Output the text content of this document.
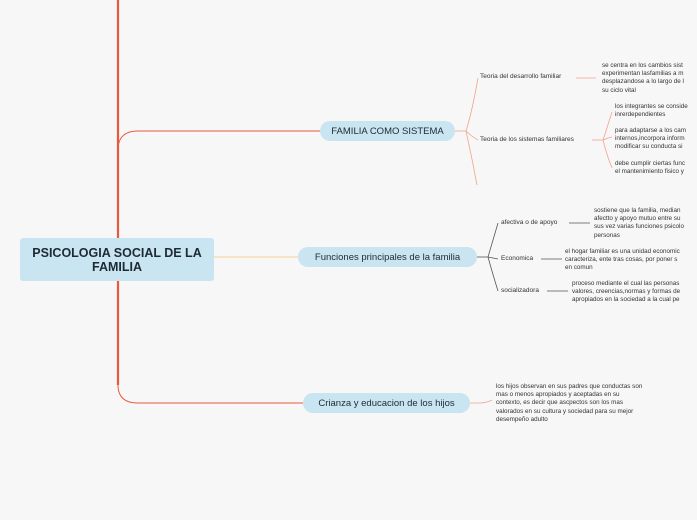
PSICOLOGIA SOCIAL DE LA FAMILIA
FAMILIA COMO SISTEMA
Teoria del desarrollo familiar
se centra en los cambios sist
experimentan lasfamilias a m
desplazandose a lo largo de l
su ciclo vital
Teoria de los sistemas familiares
los integrantes se conside
inrerdependientes
para adaptarse a los cam
internos,incorpora inform
modificar su conducta si
debe cumplir ciertas func
el mantenimiento fisico y
Funciones principales de la familia
afectiva o de apoyo
sostiene que la familia, median
afectto y apoyo mutuo entre su
sus vez varias funciones psicolo
personas
Economica
el hogar familiar es una unidad economic
caracteriza, ente tras cosas, por poner s
en comun
socializadora
proceso mediante el cual las personas
valores, creencias,normas y formas de
apropiados en la sociedad a la cual pe
Crianza y educacion de los hijos
los hijos observan en sus padres que conductas son
mas o menos apropiados y aceptadas en su
contexto, es decir que ascpectos son los mas
valorados en su cultura y sociedad para su mejor
desempeño adulto
